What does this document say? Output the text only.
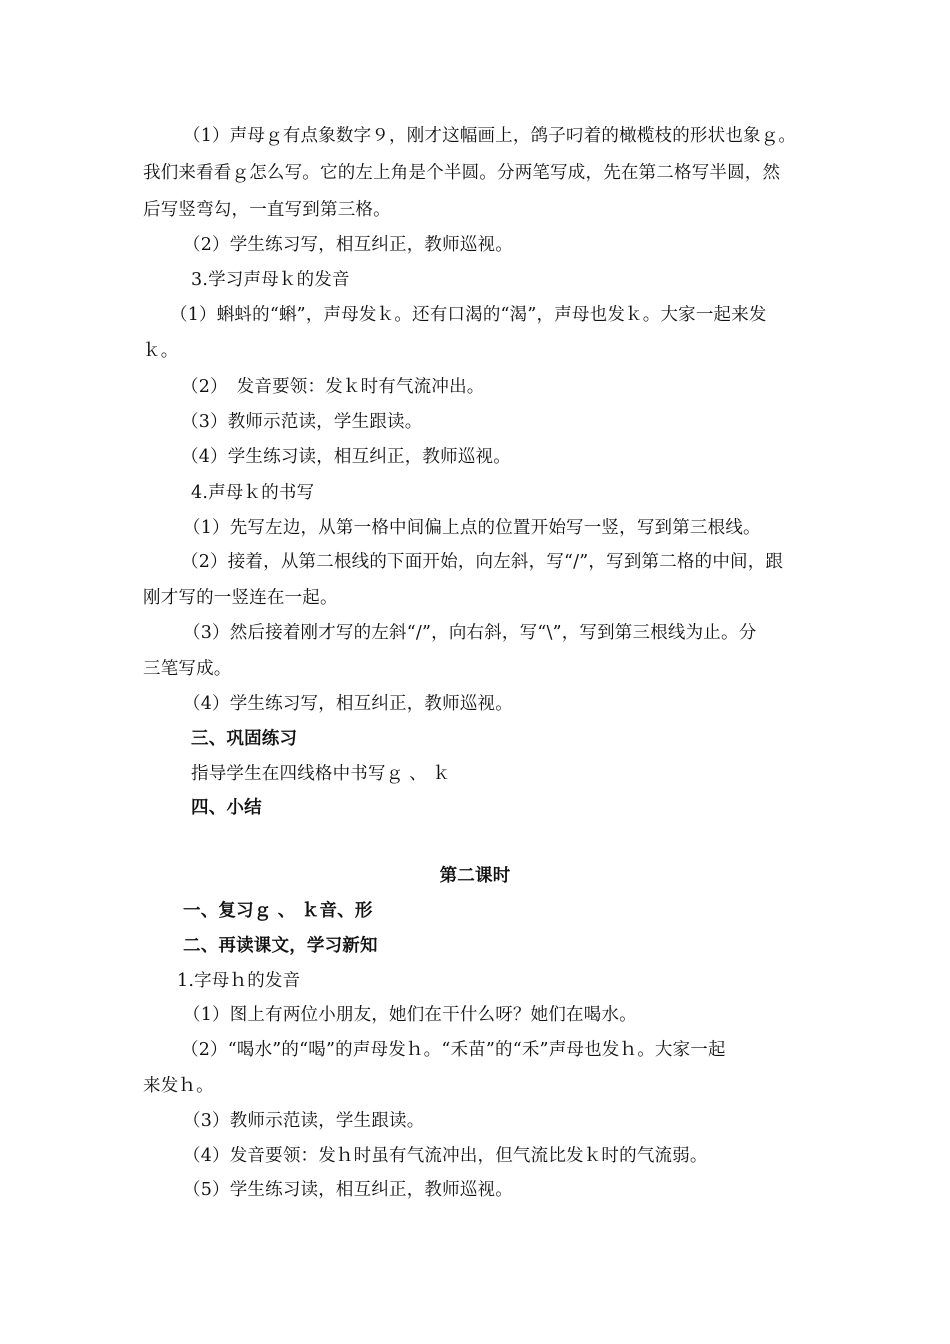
（1）声母ｇ有点象数字９，刚才这幅画上，鸽子叼着的橄榄枝的形状也象ｇ。
我们来看看ｇ怎么写。它的左上角是个半圆。分两笔写成，先在第二格写半圆，然
后写竖弯勾，一直写到第三格。
（2）学生练习写，相互纠正，教师巡视。
3.学习声母ｋ的发音
（1）蝌蚪的“蝌”，声母发ｋ。还有口渴的“渴”，声母也发ｋ。大家一起来发
ｋ。
（2）　发音要领：发ｋ时有气流冲出。
（3）教师示范读，学生跟读。
（4）学生练习读，相互纠正，教师巡视。
4.声母ｋ的书写
（1）先写左边，从第一格中间偏上点的位置开始写一竖，写到第三根线。
（2）接着，从第二根线的下面开始，向左斜，写“/”，写到第二格的中间，跟
刚才写的一竖连在一起。
（3）然后接着刚才写的左斜“/”，向右斜，写“\”，写到第三根线为止。分
三笔写成。
（4）学生练习写，相互纠正，教师巡视。
三、巩固练习
指导学生在四线格中书写ｇ 、 ｋ
四、小结
第二课时
一、复习ｇ 、 ｋ音、形
二、再读课文，学习新知
1.字母ｈ的发音
（1）图上有两位小朋友，她们在干什么呀？她们在喝水。
（2）“喝水”的“喝”的声母发ｈ。“禾苗”的“禾”声母也发ｈ。大家一起
来发ｈ。
（3）教师示范读，学生跟读。
（4）发音要领：发ｈ时虽有气流冲出，但气流比发ｋ时的气流弱。
（5）学生练习读，相互纠正，教师巡视。
